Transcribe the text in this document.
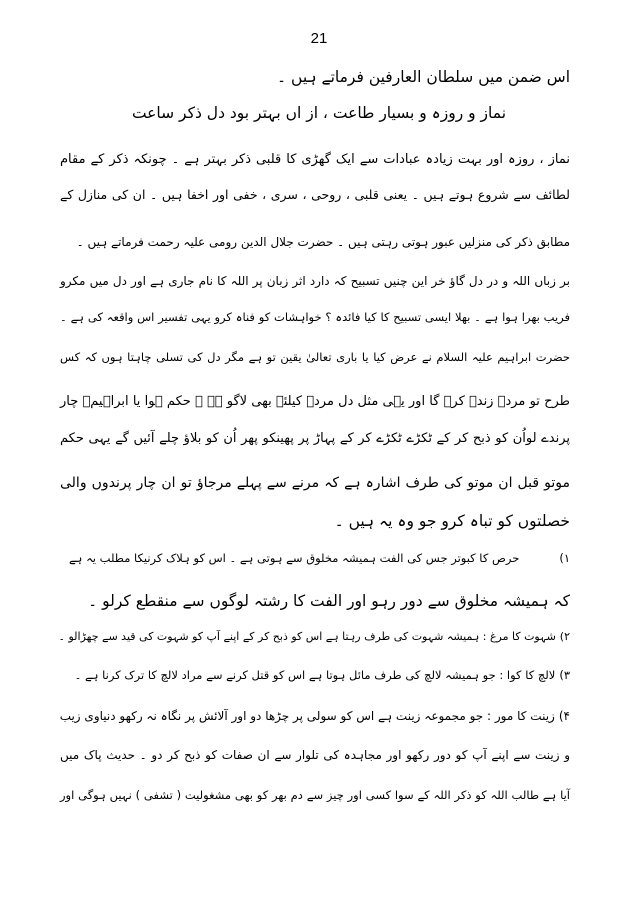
21
اس ضمن میں سلطان العارفین فرماتے ہیں ۔
نماز و روزہ و بسیار طاعت ، از اں بہتر بود دل ذکر ساعت
نماز ، روزہ اور بہت زیادہ عبادات سے ایک گھڑی کا قلبی ذکر بہتر ہے ۔ چونکہ ذکر کے مقام
لطائف سے شروع ہوتے ہیں ۔ یعنی قلبی ، روحی ، سری ، خفی اور اخفا ہیں ۔ ان کی منازل کے
مطابق ذکر کی منزلیں عبور ہوتی رہتی ہیں ۔ حضرت جلال الدین رومی علیہ رحمت فرماتے ہیں ۔
بر زباں اللہ و در دل گاؤ خر این چنیں تسبیح کہ دارد اثر زبان پر اللہ کا نام جاری ہے اور دل میں مکرو
فریب بھرا ہوا ہے ۔ بھلا ایسی تسبیح کا کیا فائدہ ؟ خواہشات کو فناہ کرو یہی تفسیر اس واقعہ کی ہے ۔
حضرت ابراہیم علیہ السلام نے عرض کیا یا باری تعالیٰ یقین تو ہے مگر دل کی تسلی چاہتا ہوں کہ کس
طرح تو مردے زندہ کرے گا اور یہی مثل دل مردہ کیلئے بھی لاگو ہے ۔ حکم ہوا یا ابراہیمؑ چار
پرندے لواُن کو ذبح کر کے ٹکڑے ٹکڑے کر کے پہاڑ پر پھینکو پھر اُن کو بلاؤ چلے آئیں گے یہی حکم
موتو قبل ان موتو کی طرف اشارہ ہے کہ مرنے سے پہلے مرجاؤ تو ان چار پرندوں والی
خصلتوں کو تباہ کرو جو وہ یہ ہیں ۔
۱)حرص کا کبوتر جس کی الفت ہمیشہ مخلوق سے ہوتی ہے ۔ اس کو ہلاک کرنیکا مطلب یہ ہے
کہ ہمیشہ مخلوق سے دور رہو اور الفت کا رشتہ لوگوں سے منقطع کرلو ۔
۲)شہوت کا مرغ : ہمیشہ شہوت کی طرف رہتا ہے اس کو ذبح کر کے اپنے آپ کو شہوت کی قید سے چھڑالو ۔
۳)لالچ کا کوا : جو ہمیشہ لالچ کی طرف مائل ہوتا ہے اس کو قتل کرنے سے مراد لالچ کا ترک کرنا ہے ۔
۴)زینت کا مور : جو مجموعہ زینت ہے اس کو سولی پر چڑھا دو اور آلائش پر نگاہ نہ رکھو دنیاوی زیب
و زینت سے اپنے آپ کو دور رکھو اور مجاہدہ کی تلوار سے ان صفات کو ذبح کر دو ۔ حدیث پاک میں
آیا ہے طالب اللہ کو ذکر اللہ کے سوا کسی اور چیز سے دم بھر کو بھی مشغولیت ( تشفی ) نہیں ہوگی اور
